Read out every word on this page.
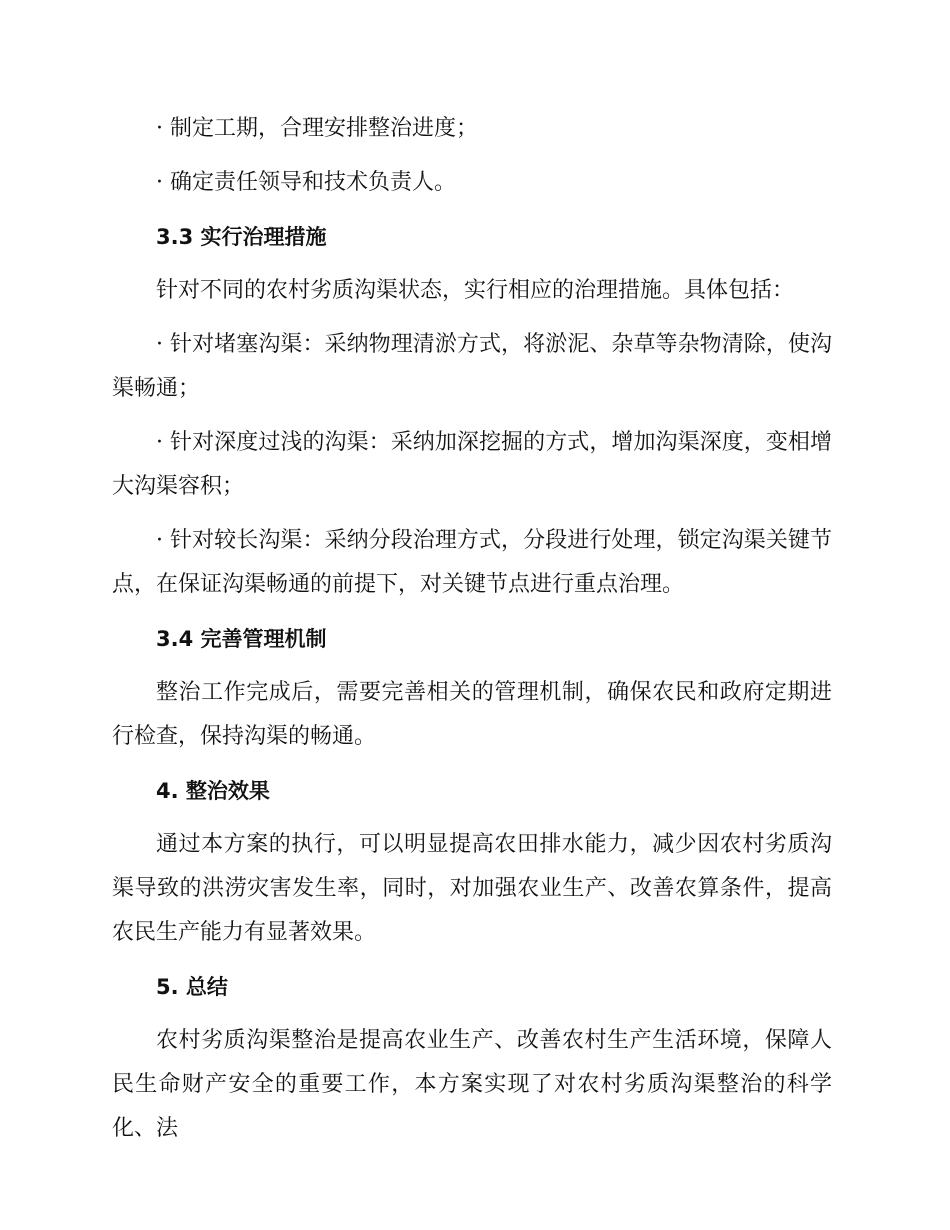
· 制定工期，合理安排整治进度；

· 确定责任领导和技术负责人。

3.3 实行治理措施

针对不同的农村劣质沟渠状态，实行相应的治理措施。具体包括：

· 针对堵塞沟渠：采纳物理清淤方式，将淤泥、杂草等杂物清除，使沟渠畅通；

· 针对深度过浅的沟渠：采纳加深挖掘的方式，增加沟渠深度，变相增大沟渠容积；

· 针对较长沟渠：采纳分段治理方式，分段进行处理，锁定沟渠关键节点，在保证沟渠畅通的前提下，对关键节点进行重点治理。

3.4 完善管理机制

整治工作完成后，需要完善相关的管理机制，确保农民和政府定期进行检查，保持沟渠的畅通。

4. 整治效果

通过本方案的执行，可以明显提高农田排水能力，减少因农村劣质沟渠导致的洪涝灾害发生率，同时，对加强农业生产、改善农算条件，提高农民生产能力有显著效果。

5. 总结

农村劣质沟渠整治是提高农业生产、改善农村生产生活环境，保障人民生命财产安全的重要工作，本方案实现了对农村劣质沟渠整治的科学化、法
